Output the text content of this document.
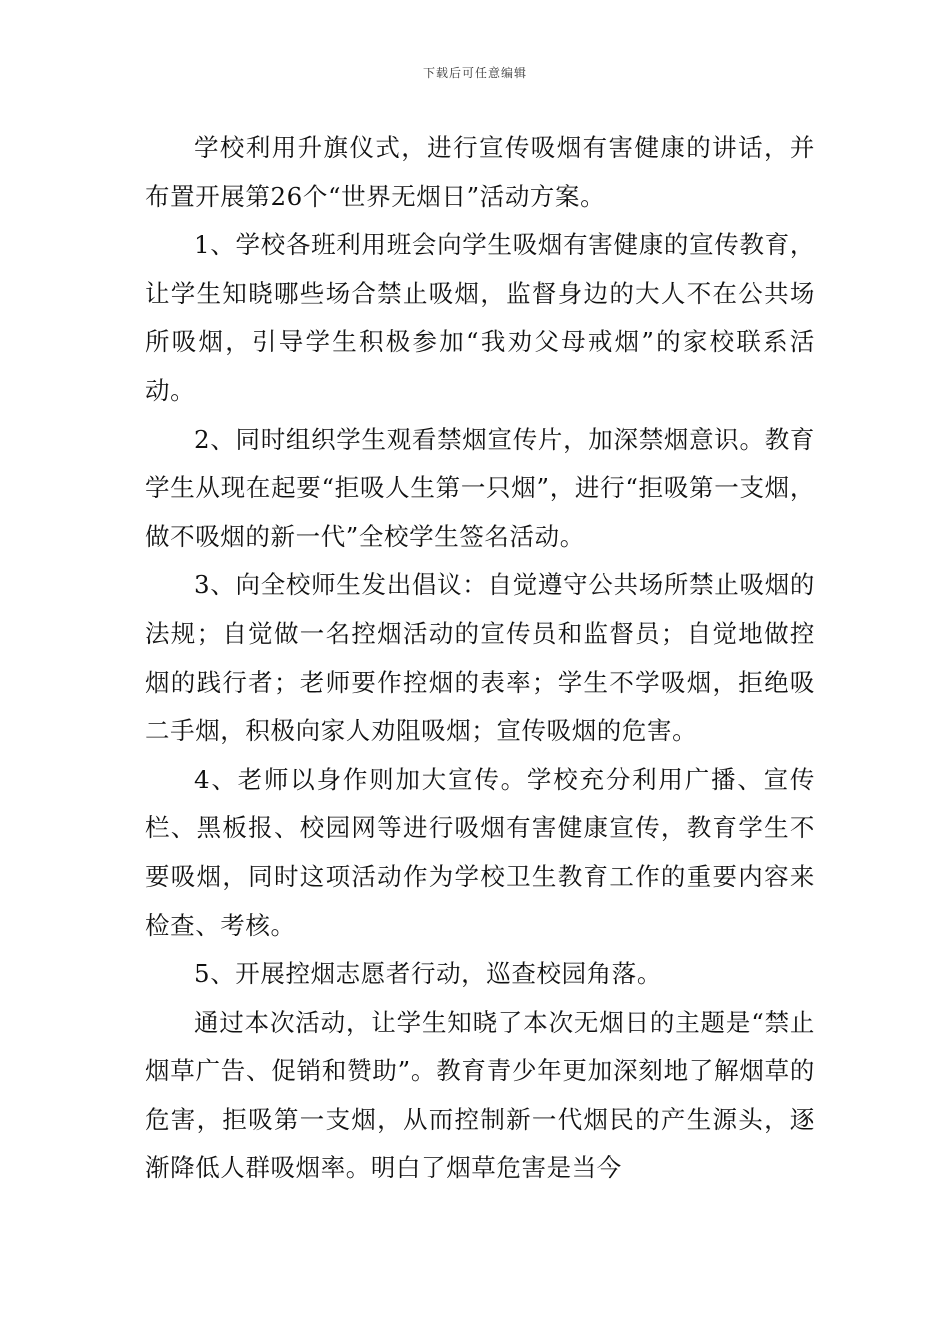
下载后可任意编辑

学校利用升旗仪式，进行宣传吸烟有害健康的讲话，并布置开展第26个“世界无烟日”活动方案。

1、学校各班利用班会向学生吸烟有害健康的宣传教育，让学生知晓哪些场合禁止吸烟，监督身边的大人不在公共场所吸烟，引导学生积极参加“我劝父母戒烟”的家校联系活动。

2、同时组织学生观看禁烟宣传片，加深禁烟意识。教育学生从现在起要“拒吸人生第一只烟”，进行“拒吸第一支烟，做不吸烟的新一代”全校学生签名活动。

3、向全校师生发出倡议：自觉遵守公共场所禁止吸烟的法规；自觉做一名控烟活动的宣传员和监督员；自觉地做控烟的践行者；老师要作控烟的表率；学生不学吸烟，拒绝吸二手烟，积极向家人劝阻吸烟；宣传吸烟的危害。

4、老师以身作则加大宣传。学校充分利用广播、宣传栏、黑板报、校园网等进行吸烟有害健康宣传，教育学生不要吸烟，同时这项活动作为学校卫生教育工作的重要内容来检查、考核。

5、开展控烟志愿者行动，巡查校园角落。

通过本次活动，让学生知晓了本次无烟日的主题是“禁止烟草广告、促销和赞助”。教育青少年更加深刻地了解烟草的危害，拒吸第一支烟，从而控制新一代烟民的产生源头，逐渐降低人群吸烟率。明白了烟草危害是当今
